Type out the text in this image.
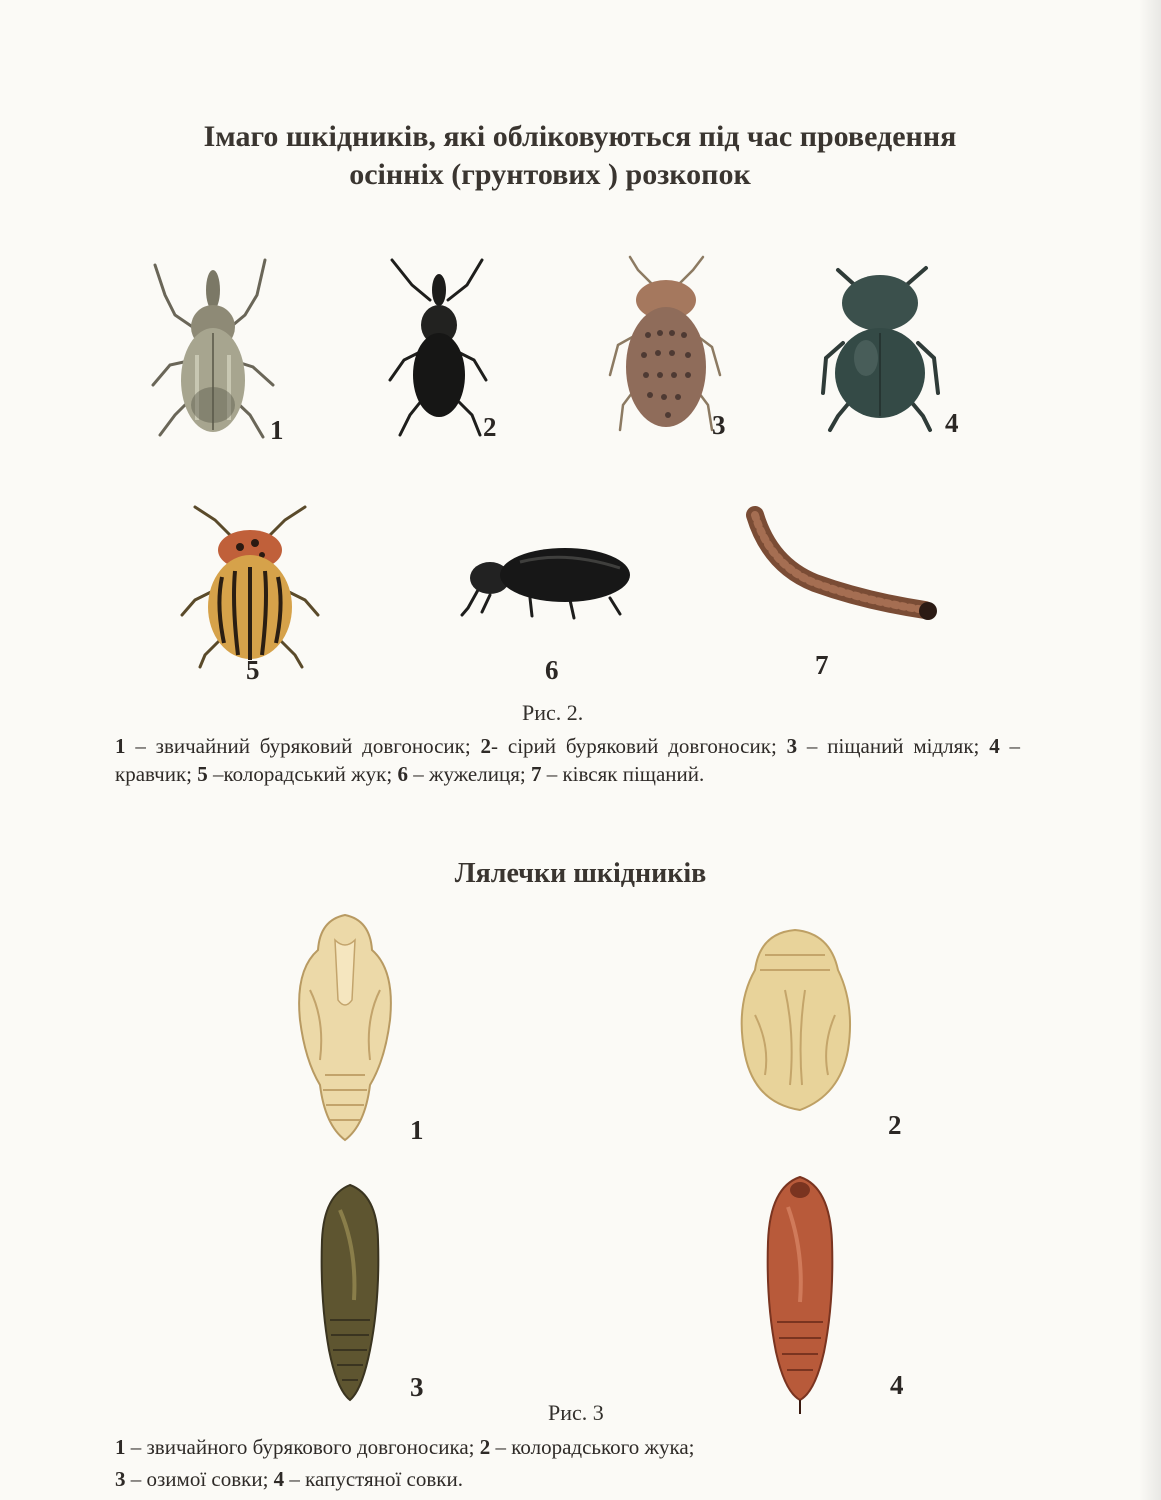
Імаго шкідників, які обліковуються під час проведення
осінніх (грунтових ) розкопок
1	2	3	4
5	6	7
Рис. 2.
1 – звичайний буряковий довгоносик; 2- сірий буряковий довгоносик; 3 – піщаний мідляк; 4 – кравчик; 5 –колорадський жук; 6 – жужелиця; 7 – ківсяк піщаний.
Лялечки шкідників
1	2
3	4
Рис. 3
1 – звичайного бурякового довгоносика; 2 – колорадського жука;
3 – озимої совки; 4 – капустяної совки.
